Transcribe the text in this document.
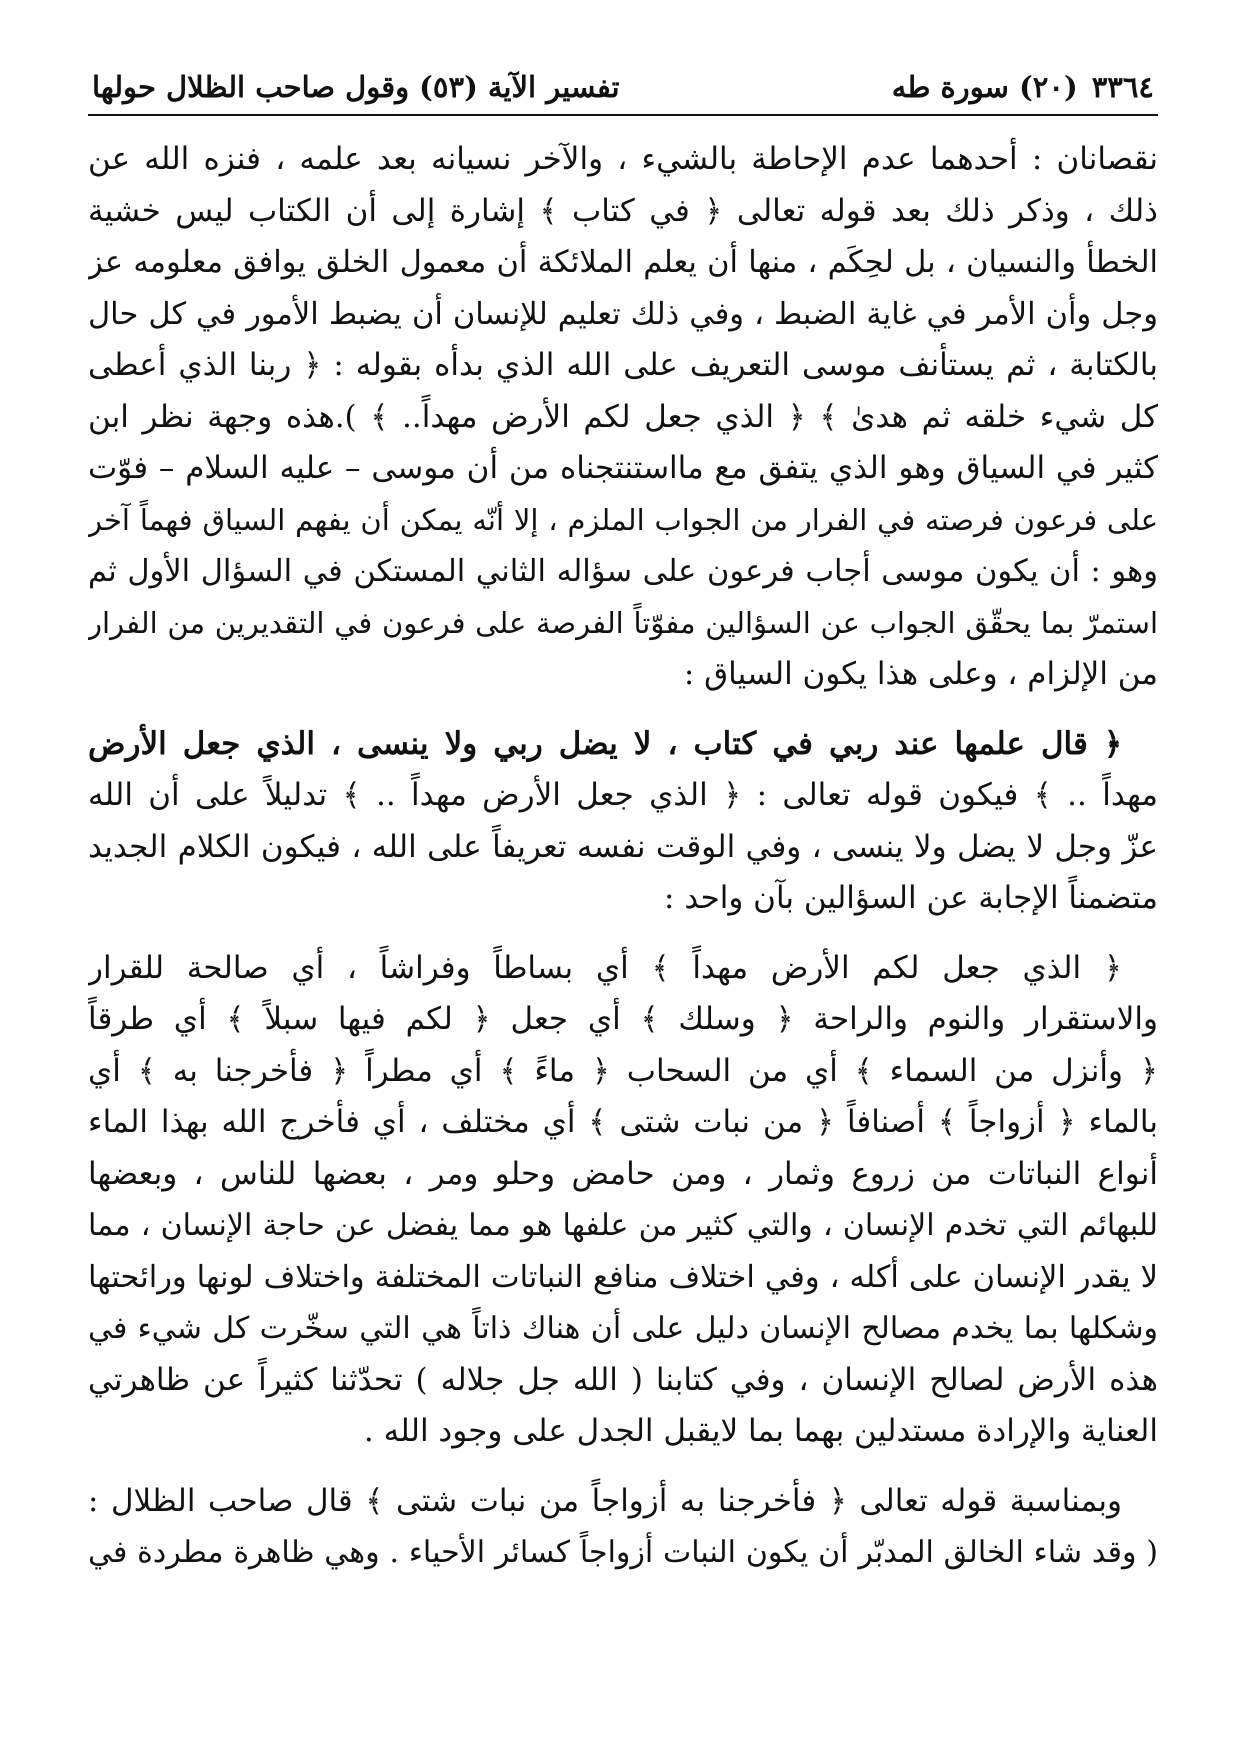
٣٣٦٤
(٢٠) سورة طه
تفسير الآية (٥٣) وقول صاحب الظلال حولها

نقصانان : أحدهما عدم الإحاطة بالشيء ، والآخر نسيانه بعد علمه ، فنزه الله عن
ذلك ، وذكر ذلك بعد قوله تعالى ﴿ في كتاب ﴾ إشارة إلى أن الكتاب ليس خشية
الخطأ والنسيان ، بل لحِكَم ، منها أن يعلم الملائكة أن معمول الخلق يوافق معلومه عز
وجل وأن الأمر في غاية الضبط ، وفي ذلك تعليم للإنسان أن يضبط الأمور في كل حال
بالكتابة ، ثم يستأنف موسى التعريف على الله الذي بدأه بقوله : ﴿ ربنا الذي أعطى
كل شيء خلقه ثم هدىٰ ﴾ ﴿ الذي جعل لكم الأرض مهداً.. ﴾ ).هذه وجهة نظر ابن
كثير في السياق وهو الذي يتفق مع مااستنتجناه من أن موسى – عليه السلام – فوّت
على فرعون فرصته في الفرار من الجواب الملزم ، إلا أنّه يمكن أن يفهم السياق فهماً آخر
وهو : أن يكون موسى أجاب فرعون على سؤاله الثاني المستكن في السؤال الأول ثم
استمرّ بما يحقّق الجواب عن السؤالين مفوّتاً الفرصة على فرعون في التقديرين من الفرار
من الإلزام ، وعلى هذا يكون السياق :

﴿ قال علمها عند ربي في كتاب ، لا يضل ربي ولا ينسى ، الذي جعل الأرض
مهداً .. ﴾ فيكون قوله تعالى : ﴿ الذي جعل الأرض مهداً .. ﴾ تدليلاً على أن الله
عزّ وجل لا يضل ولا ينسى ، وفي الوقت نفسه تعريفاً على الله ، فيكون الكلام الجديد
متضمناً الإجابة عن السؤالين بآن واحد :

﴿ الذي جعل لكم الأرض مهداً ﴾ أي بساطاً وفراشاً ، أي صالحة للقرار
والاستقرار والنوم والراحة ﴿ وسلك ﴾ أي جعل ﴿ لكم فيها سبلاً ﴾ أي طرقاً
﴿ وأنزل من السماء ﴾ أي من السحاب ﴿ ماءً ﴾ أي مطراً ﴿ فأخرجنا به ﴾ أي
بالماء ﴿ أزواجاً ﴾ أصنافاً ﴿ من نبات شتى ﴾ أي مختلف ، أي فأخرج الله بهذا الماء
أنواع النباتات من زروع وثمار ، ومن حامض وحلو ومر ، بعضها للناس ، وبعضها
للبهائم التي تخدم الإنسان ، والتي كثير من علفها هو مما يفضل عن حاجة الإنسان ، مما
لا يقدر الإنسان على أكله ، وفي اختلاف منافع النباتات المختلفة واختلاف لونها ورائحتها
وشكلها بما يخدم مصالح الإنسان دليل على أن هناك ذاتاً هي التي سخّرت كل شيء في
هذه الأرض لصالح الإنسان ، وفي كتابنا ( الله جل جلاله ) تحدّثنا كثيراً عن ظاهرتي
العناية والإرادة مستدلين بهما بما لايقبل الجدل على وجود الله .

وبمناسبة قوله تعالى ﴿ فأخرجنا به أزواجاً من نبات شتى ﴾ قال صاحب الظلال :
( وقد شاء الخالق المدبّر أن يكون النبات أزواجاً كسائر الأحياء . وهي ظاهرة مطردة في
